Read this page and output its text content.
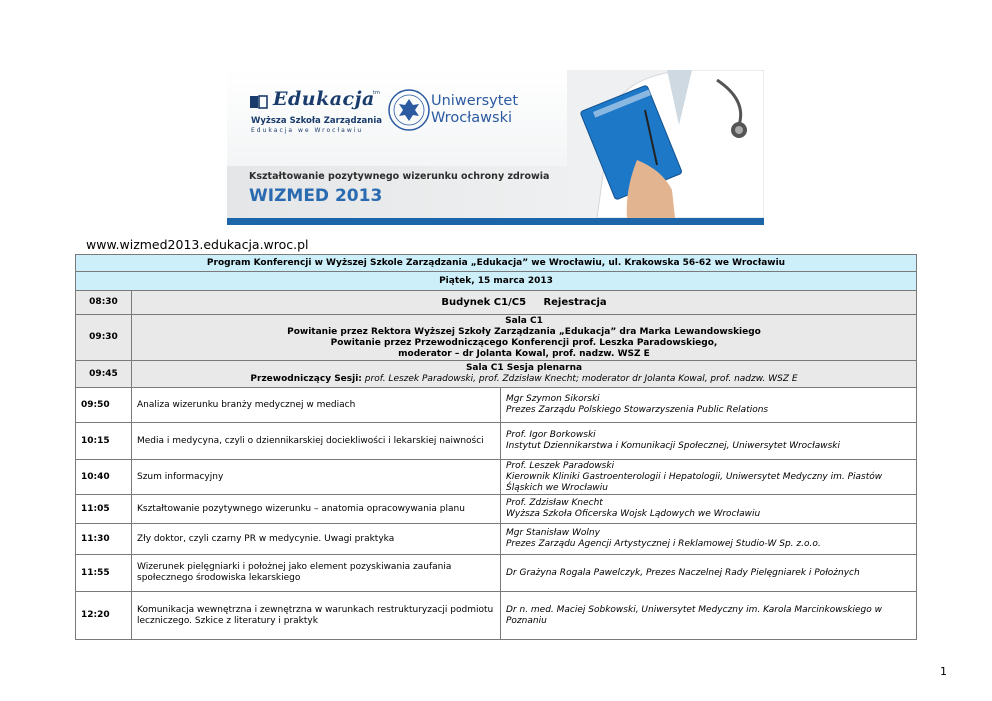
Edukacja
tm
Wyższa Szkoła Zarządzania
Edukacja we Wrocławiu
Uniwersytet
Wrocławski
Kształtowanie pozytywnego wizerunku ochrony zdrowia
WIZMED 2013
www.wizmed2013.edukacja.wroc.pl
Program Konferencji w Wyższej Szkole Zarządzania „Edukacja” we Wrocławiu, ul. Krakowska 56-62 we Wrocławiu		
Piątek, 15 marca 2013		
08:30	Budynek C1/C5     Rejestracja	
09:30	Sala C1
Powitanie przez Rektora Wyższej Szkoły Zarządzania „Edukacja” dra Marka Lewandowskiego
Powitanie przez Przewodniczącego Konferencji prof. Leszka Paradowskiego,
moderator – dr Jolanta Kowal, prof. nadzw. WSZ E	

09:45	Sala C1 Sesja plenarna
Przewodniczący Sesji: prof. Leszek Paradowski, prof. Zdzisław Knecht; moderator dr Jolanta Kowal, prof. nadzw. WSZ E	

09:50	Analiza wizerunku branży medycznej w mediach	Mgr Szymon Sikorski
Prezes Zarządu Polskiego Stowarzyszenia Public Relations

10:15	Media i medycyna, czyli o dziennikarskiej dociekliwości i lekarskiej naiwności	Prof. Igor Borkowski
Instytut Dziennikarstwa i Komunikacji Społecznej, Uniwersytet Wrocławski

10:40	Szum informacyjny	Prof. Leszek Paradowski
Kierownik Kliniki Gastroenterologii i Hepatologii, Uniwersytet Medyczny im. Piastów Śląskich we Wrocławiu

11:05	Kształtowanie pozytywnego wizerunku – anatomia opracowywania planu	Prof. Zdzisław Knecht
Wyższa Szkoła Oficerska Wojsk Lądowych we Wrocławiu

11:30	Zły doktor, czyli czarny PR w medycynie. Uwagi praktyka	Mgr Stanisław Wolny
Prezes Zarządu Agencji Artystycznej i Reklamowej Studio-W Sp. z.o.o.

11:55	Wizerunek pielęgniarki i położnej jako element pozyskiwania zaufania społecznego środowiska lekarskiego	Dr Grażyna Rogala Pawelczyk, Prezes Naczelnej Rady Pielęgniarek i Położnych

12:20	Komunikacja wewnętrzna i zewnętrzna w warunkach restrukturyzacji podmiotu leczniczego. Szkice z literatury i praktyk	Dr n. med. Maciej Sobkowski, Uniwersytet Medyczny im. Karola Marcinkowskiego w Poznaniu
1
